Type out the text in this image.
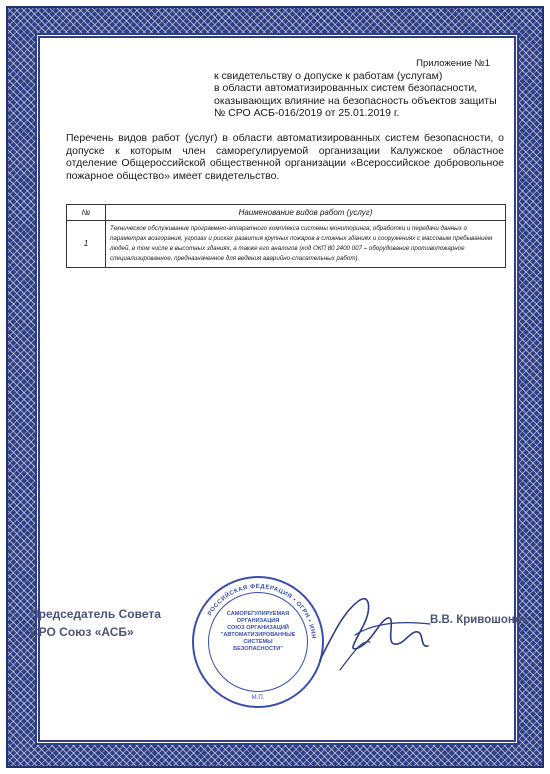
Приложение №1
к свидетельству о допуске к работам (услугам)
в области автоматизированных систем безопасности,
оказывающих влияние на безопасность объектов защиты
№ СРО АСБ-016/2019 от 25.01.2019 г.
Перечень видов работ (услуг) в области автоматизированных систем безопасности, о допуске к которым член саморегулируемой организации Калужское областное отделение Общероссийской общественной организации «Всероссийское добровольное пожарное общество» имеет свидетельство.
№	Наименование видов работ (услуг)
1	Техническое обслуживание программно-аппаратного комплекса системы мониторинга, обработки и передачи данных о параметрах возгорания, угрозах и рисках развития крупных пожаров в сложных зданиях и сооружениях с массовым пребыванием людей, в том числе в высотных зданиях, а также его аналогов (код ОКП 80 2400 007 – оборудование противопожарное специализированное, предназначенное для ведения аварийно-спасательных работ).
Председатель Совета
СРО Союз «АСБ»
РОССИЙСКАЯ ФЕДЕРАЦИЯ • ОГРН • ИНН
М.П.
САМОРЕГУЛИРУЕМАЯ
ОРГАНИЗАЦИЯ
СОЮЗ ОРГАНИЗАЦИЙ
"АВТОМАТИЗИРОВАННЫЕ
СИСТЕМЫ
БЕЗОПАСНОСТИ"
В.В. Кривошонок
